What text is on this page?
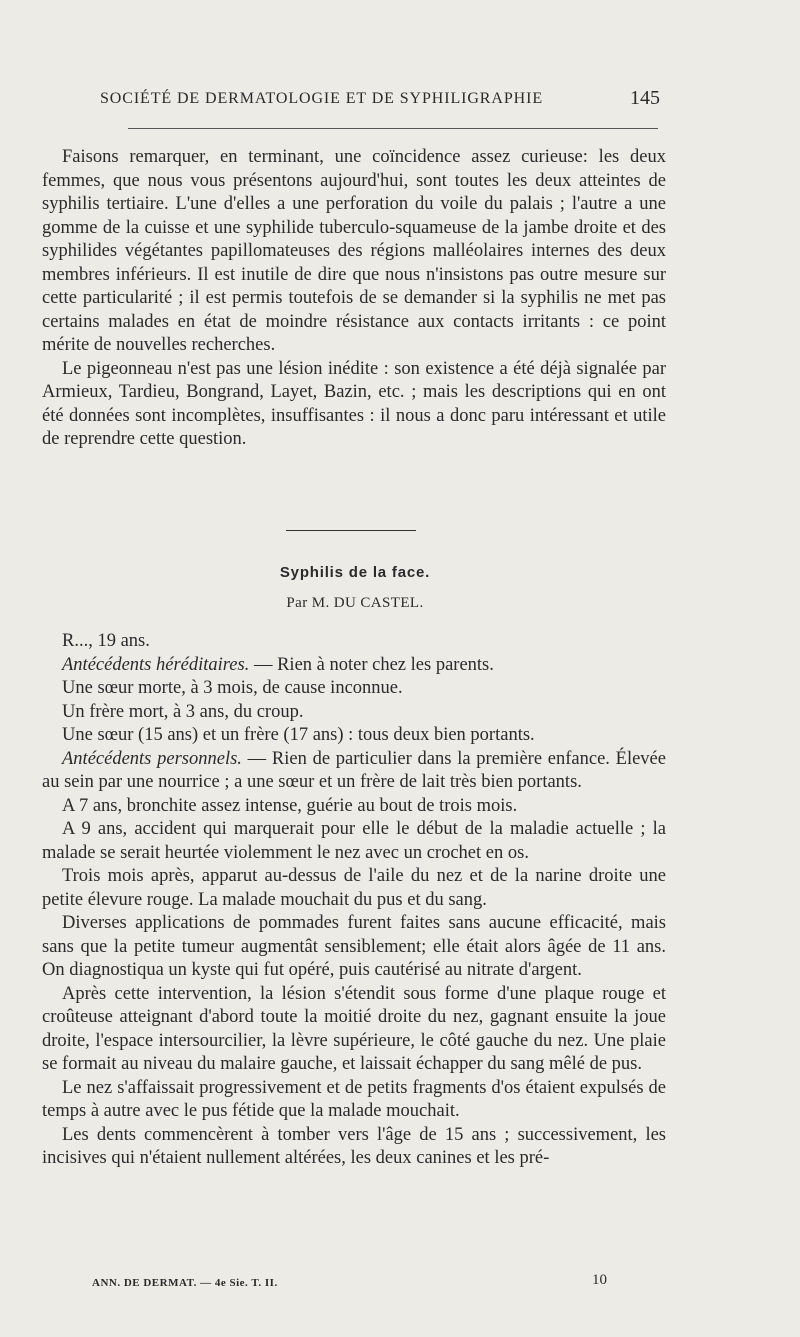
SOCIÉTÉ DE DERMATOLOGIE ET DE SYPHILIGRAPHIE	145

Faisons remarquer, en terminant, une coïncidence assez curieuse: les deux femmes, que nous vous présentons aujourd'hui, sont toutes les deux atteintes de syphilis tertiaire. L'une d'elles a une perforation du voile du palais ; l'autre a une gomme de la cuisse et une syphilide tuberculo-squameuse de la jambe droite et des syphilides végétantes papillomateuses des régions malléolaires internes des deux membres inférieurs. Il est inutile de dire que nous n'insistons pas outre mesure sur cette particularité ; il est permis toutefois de se demander si la syphilis ne met pas certains malades en état de moindre résistance aux contacts irritants : ce point mérite de nouvelles recherches.

Le pigeonneau n'est pas une lésion inédite : son existence a été déjà signalée par Armieux, Tardieu, Bongrand, Layet, Bazin, etc. ; mais les descriptions qui en ont été données sont incomplètes, insuffisantes : il nous a donc paru intéressant et utile de reprendre cette question.

Syphilis de la face.
Par M. DU CASTEL.

R..., 19 ans.

Antécédents héréditaires. — Rien à noter chez les parents.

Une sœur morte, à 3 mois, de cause inconnue.

Un frère mort, à 3 ans, du croup.

Une sœur (15 ans) et un frère (17 ans) : tous deux bien portants.

Antécédents personnels. — Rien de particulier dans la première enfance. Élevée au sein par une nourrice ; a une sœur et un frère de lait très bien portants.

A 7 ans, bronchite assez intense, guérie au bout de trois mois.

A 9 ans, accident qui marquerait pour elle le début de la maladie actuelle ; la malade se serait heurtée violemment le nez avec un crochet en os.

Trois mois après, apparut au-dessus de l'aile du nez et de la narine droite une petite élevure rouge. La malade mouchait du pus et du sang.

Diverses applications de pommades furent faites sans aucune efficacité, mais sans que la petite tumeur augmentât sensiblement; elle était alors âgée de 11 ans. On diagnostiqua un kyste qui fut opéré, puis cautérisé au nitrate d'argent.

Après cette intervention, la lésion s'étendit sous forme d'une plaque rouge et croûteuse atteignant d'abord toute la moitié droite du nez, gagnant ensuite la joue droite, l'espace intersourcilier, la lèvre supérieure, le côté gauche du nez. Une plaie se formait au niveau du malaire gauche, et laissait échapper du sang mêlé de pus.

Le nez s'affaissait progressivement et de petits fragments d'os étaient expulsés de temps à autre avec le pus fétide que la malade mouchait.

Les dents commencèrent à tomber vers l'âge de 15 ans ; successivement, les incisives qui n'étaient nullement altérées, les deux canines et les pré-

ANN. DE DERMAT. — 4e Sie. T. II.	10
